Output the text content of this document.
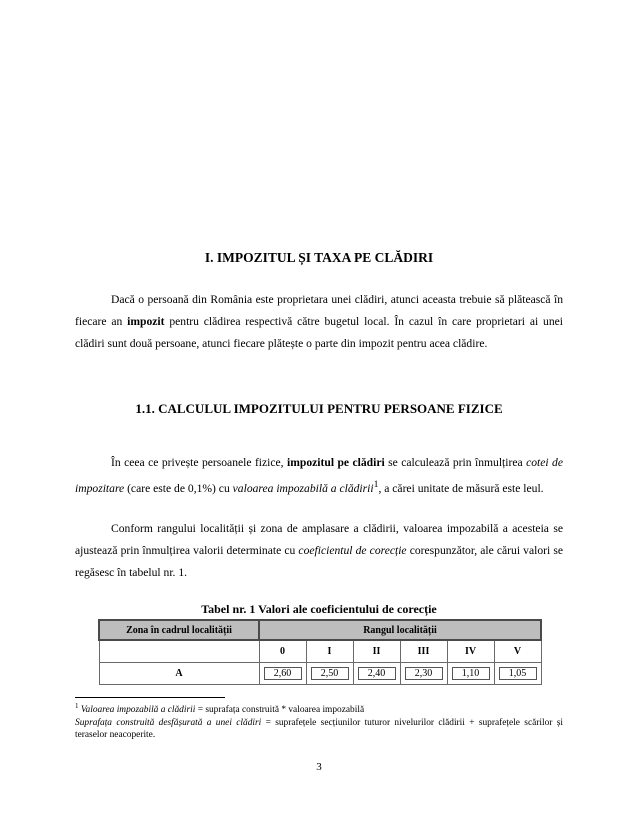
I. IMPOZITUL ȘI TAXA PE CLĂDIRI
Dacă o persoană din România este proprietara unei clădiri, atunci aceasta trebuie să plătească în fiecare an impozit pentru clădirea respectivă către bugetul local. În cazul în care proprietari ai unei clădiri sunt două persoane, atunci fiecare plătește o parte din impozit pentru acea clădire.
1.1. CALCULUL IMPOZITULUI PENTRU PERSOANE FIZICE
În ceea ce privește persoanele fizice, impozitul pe clădiri se calculează prin înmulțirea cotei de impozitare (care este de 0,1%) cu valoarea impozabilă a clădirii$^1$, a cărei unitate de măsură este leul.
Conform rangului localității și zona de amplasare a clădirii, valoarea impozabilă a acesteia se ajustează prin înmulțirea valorii determinate cu coeficientul de corecție corespunzător, ale cărui valori se regăsesc în tabelul nr. 1.
Tabel nr. 1 Valori ale coeficientului de corecție
Zona în cadrul localității	Rangul localității					
	0	I	II	III	IV	V
A	2,60	2,50	2,40	2,30	1,10	1,05
$^1$ Valoarea impozabilă a clădirii = suprafața construită * valoarea impozabilă
Suprafața construită desfășurată a unei clădiri = suprafețele secțiunilor tuturor nivelurilor clădirii + suprafețele scărilor și teraselor neacoperite.
3
